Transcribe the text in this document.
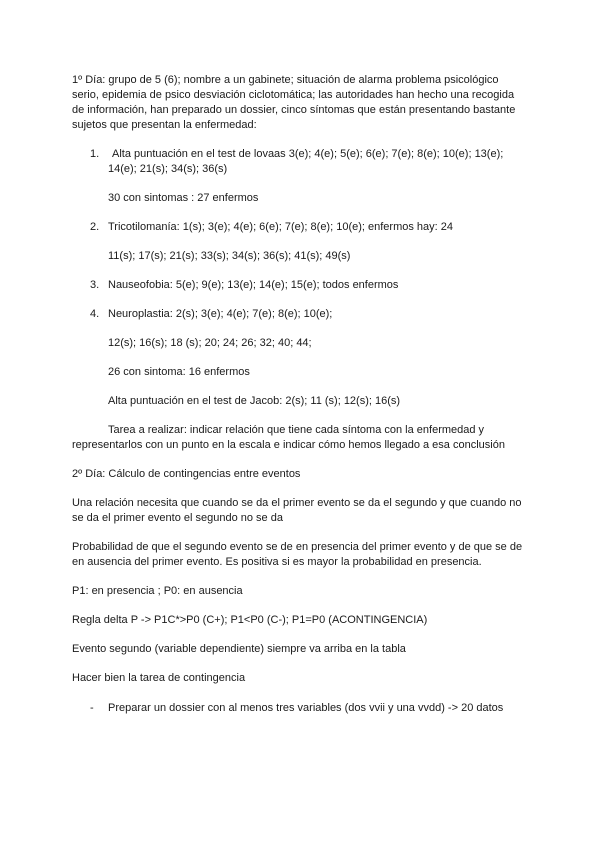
1º Día: grupo de 5 (6); nombre a un gabinete; situación de alarma problema psicológico
serio, epidemia de psico desviación ciclotomática; las autoridades han hecho una recogida
de información, han preparado un dossier, cinco síntomas que están presentando bastante
sujetos que presentan la enfermedad:
1. Alta puntuación en el test de lovaas 3(e); 4(e); 5(e); 6(e); 7(e); 8(e); 10(e); 13(e);
14(e); 21(s); 34(s); 36(s)
30 con sintomas : 27 enfermos
2. Tricotilomanía: 1(s); 3(e); 4(e); 6(e); 7(e); 8(e); 10(e); enfermos hay: 24
11(s); 17(s); 21(s); 33(s); 34(s); 36(s); 41(s); 49(s)
3. Nauseofobia: 5(e); 9(e); 13(e); 14(e); 15(e); todos enfermos
4. Neuroplastia: 2(s); 3(e); 4(e); 7(e); 8(e); 10(e);
12(s); 16(s); 18 (s); 20; 24; 26; 32; 40; 44;
26 con sintoma: 16 enfermos
Alta puntuación en el test de Jacob: 2(s); 11 (s); 12(s); 16(s)
Tarea a realizar: indicar relación que tiene cada síntoma con la enfermedad y
representarlos con un punto en la escala e indicar cómo hemos llegado a esa conclusión
2º Día: Cálculo de contingencias entre eventos
Una relación necesita que cuando se da el primer evento se da el segundo y que cuando no
se da el primer evento el segundo no se da
Probabilidad de que el segundo evento se de en presencia del primer evento y de que se de
en ausencia del primer evento. Es positiva si es mayor la probabilidad en presencia.
P1: en presencia ; P0: en ausencia
Regla delta P -> P1C*>P0 (C+); P1<P0 (C-); P1=P0 (ACONTINGENCIA)
Evento segundo (variable dependiente) siempre va arriba en la tabla
Hacer bien la tarea de contingencia
- Preparar un dossier con al menos tres variables (dos vvii y una vvdd) -> 20 datos
